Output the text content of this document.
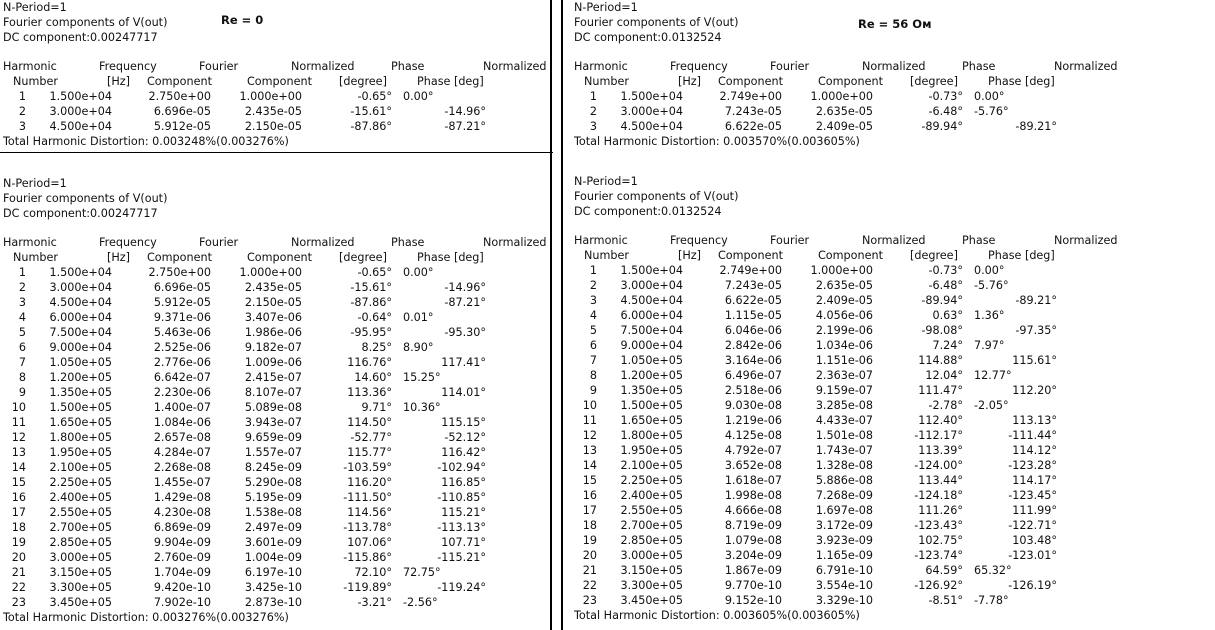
N-Period=1
Fourier components of V(out)
DC component:0.00247717
Re = 0
Harmonic	Frequency	Fourier	Normalized	Phase	Normalized
Number	[Hz] Component	Component [degree]	Phase [deg]
1 1.500e+04	2.750e+00	1.000e+00	-0.65° 0.00°
2 3.000e+04	6.696e-05	2.435e-05	-15.61°	-14.96°
3 4.500e+04	5.912e-05	2.150e-05	-87.86°	-87.21°
Total Harmonic Distortion: 0.003248%(0.003276%)
N-Period=1
Fourier components of V(out)
DC component:0.0132524
Re = 56 Ом
Harmonic	Frequency	Fourier	Normalized	Phase	Normalized
Number	[Hz] Component	Component [degree]	Phase [deg]
1 1.500e+04	2.749e+00	1.000e+00	-0.73° 0.00°
2 3.000e+04	7.243e-05	2.635e-05	-6.48° -5.76°
3 4.500e+04	6.622e-05	2.409e-05	-89.94°	-89.21°
Total Harmonic Distortion: 0.003570%(0.003605%)
N-Period=1
Fourier components of V(out)
DC component:0.00247717
Harmonic	Frequency	Fourier	Normalized	Phase	Normalized
Number	[Hz] Component	Component [degree]	Phase [deg]
1 1.500e+04	2.750e+00	1.000e+00	-0.65° 0.00°
2 3.000e+04	6.696e-05	2.435e-05	-15.61°	-14.96°
3 4.500e+04	5.912e-05	2.150e-05	-87.86°	-87.21°
4 6.000e+04	9.371e-06	3.407e-06	-0.64° 0.01°
5 7.500e+04	5.463e-06	1.986e-06	-95.95°	-95.30°
6 9.000e+04	2.525e-06	9.182e-07	8.25° 8.90°
7 1.050e+05	2.776e-06	1.009e-06	116.76°	117.41°
8 1.200e+05	6.642e-07	2.415e-07	14.60° 15.25°
9 1.350e+05	2.230e-06	8.107e-07	113.36°	114.01°
10 1.500e+05	1.400e-07	5.089e-08	9.71° 10.36°
11 1.650e+05	1.084e-06	3.943e-07	114.50°	115.15°
12 1.800e+05	2.657e-08	9.659e-09	-52.77°	-52.12°
13 1.950e+05	4.284e-07	1.557e-07	115.77°	116.42°
14 2.100e+05	2.268e-08	8.245e-09	-103.59°	-102.94°
15 2.250e+05	1.455e-07	5.290e-08	116.20°	116.85°
16 2.400e+05	1.429e-08	5.195e-09	-111.50°	-110.85°
17 2.550e+05	4.230e-08	1.538e-08	114.56°	115.21°
18 2.700e+05	6.869e-09	2.497e-09	-113.78°	-113.13°
19 2.850e+05	9.904e-09	3.601e-09	107.06°	107.71°
20 3.000e+05	2.760e-09	1.004e-09	-115.86°	-115.21°
21 3.150e+05	1.704e-09	6.197e-10	72.10° 72.75°
22 3.300e+05	9.420e-10	3.425e-10	-119.89°	-119.24°
23 3.450e+05	7.902e-10	2.873e-10	-3.21° -2.56°
Total Harmonic Distortion: 0.003276%(0.003276%)
N-Period=1
Fourier components of V(out)
DC component:0.0132524
Harmonic	Frequency	Fourier	Normalized	Phase	Normalized
Number	[Hz] Component	Component [degree]	Phase [deg]
1 1.500e+04	2.749e+00	1.000e+00	-0.73° 0.00°
2 3.000e+04	7.243e-05	2.635e-05	-6.48° -5.76°
3 4.500e+04	6.622e-05	2.409e-05	-89.94°	-89.21°
4 6.000e+04	1.115e-05	4.056e-06	0.63° 1.36°
5 7.500e+04	6.046e-06	2.199e-06	-98.08°	-97.35°
6 9.000e+04	2.842e-06	1.034e-06	7.24° 7.97°
7 1.050e+05	3.164e-06	1.151e-06	114.88°	115.61°
8 1.200e+05	6.496e-07	2.363e-07	12.04° 12.77°
9 1.350e+05	2.518e-06	9.159e-07	111.47°	112.20°
10 1.500e+05	9.030e-08	3.285e-08	-2.78° -2.05°
11 1.650e+05	1.219e-06	4.433e-07	112.40°	113.13°
12 1.800e+05	4.125e-08	1.501e-08	-112.17°	-111.44°
13 1.950e+05	4.792e-07	1.743e-07	113.39°	114.12°
14 2.100e+05	3.652e-08	1.328e-08	-124.00°	-123.28°
15 2.250e+05	1.618e-07	5.886e-08	113.44°	114.17°
16 2.400e+05	1.998e-08	7.268e-09	-124.18°	-123.45°
17 2.550e+05	4.666e-08	1.697e-08	111.26°	111.99°
18 2.700e+05	8.719e-09	3.172e-09	-123.43°	-122.71°
19 2.850e+05	1.079e-08	3.923e-09	102.75°	103.48°
20 3.000e+05	3.204e-09	1.165e-09	-123.74°	-123.01°
21 3.150e+05	1.867e-09	6.791e-10	64.59° 65.32°
22 3.300e+05	9.770e-10	3.554e-10	-126.92°	-126.19°
23 3.450e+05	9.152e-10	3.329e-10	-8.51° -7.78°
Total Harmonic Distortion: 0.003605%(0.003605%)
